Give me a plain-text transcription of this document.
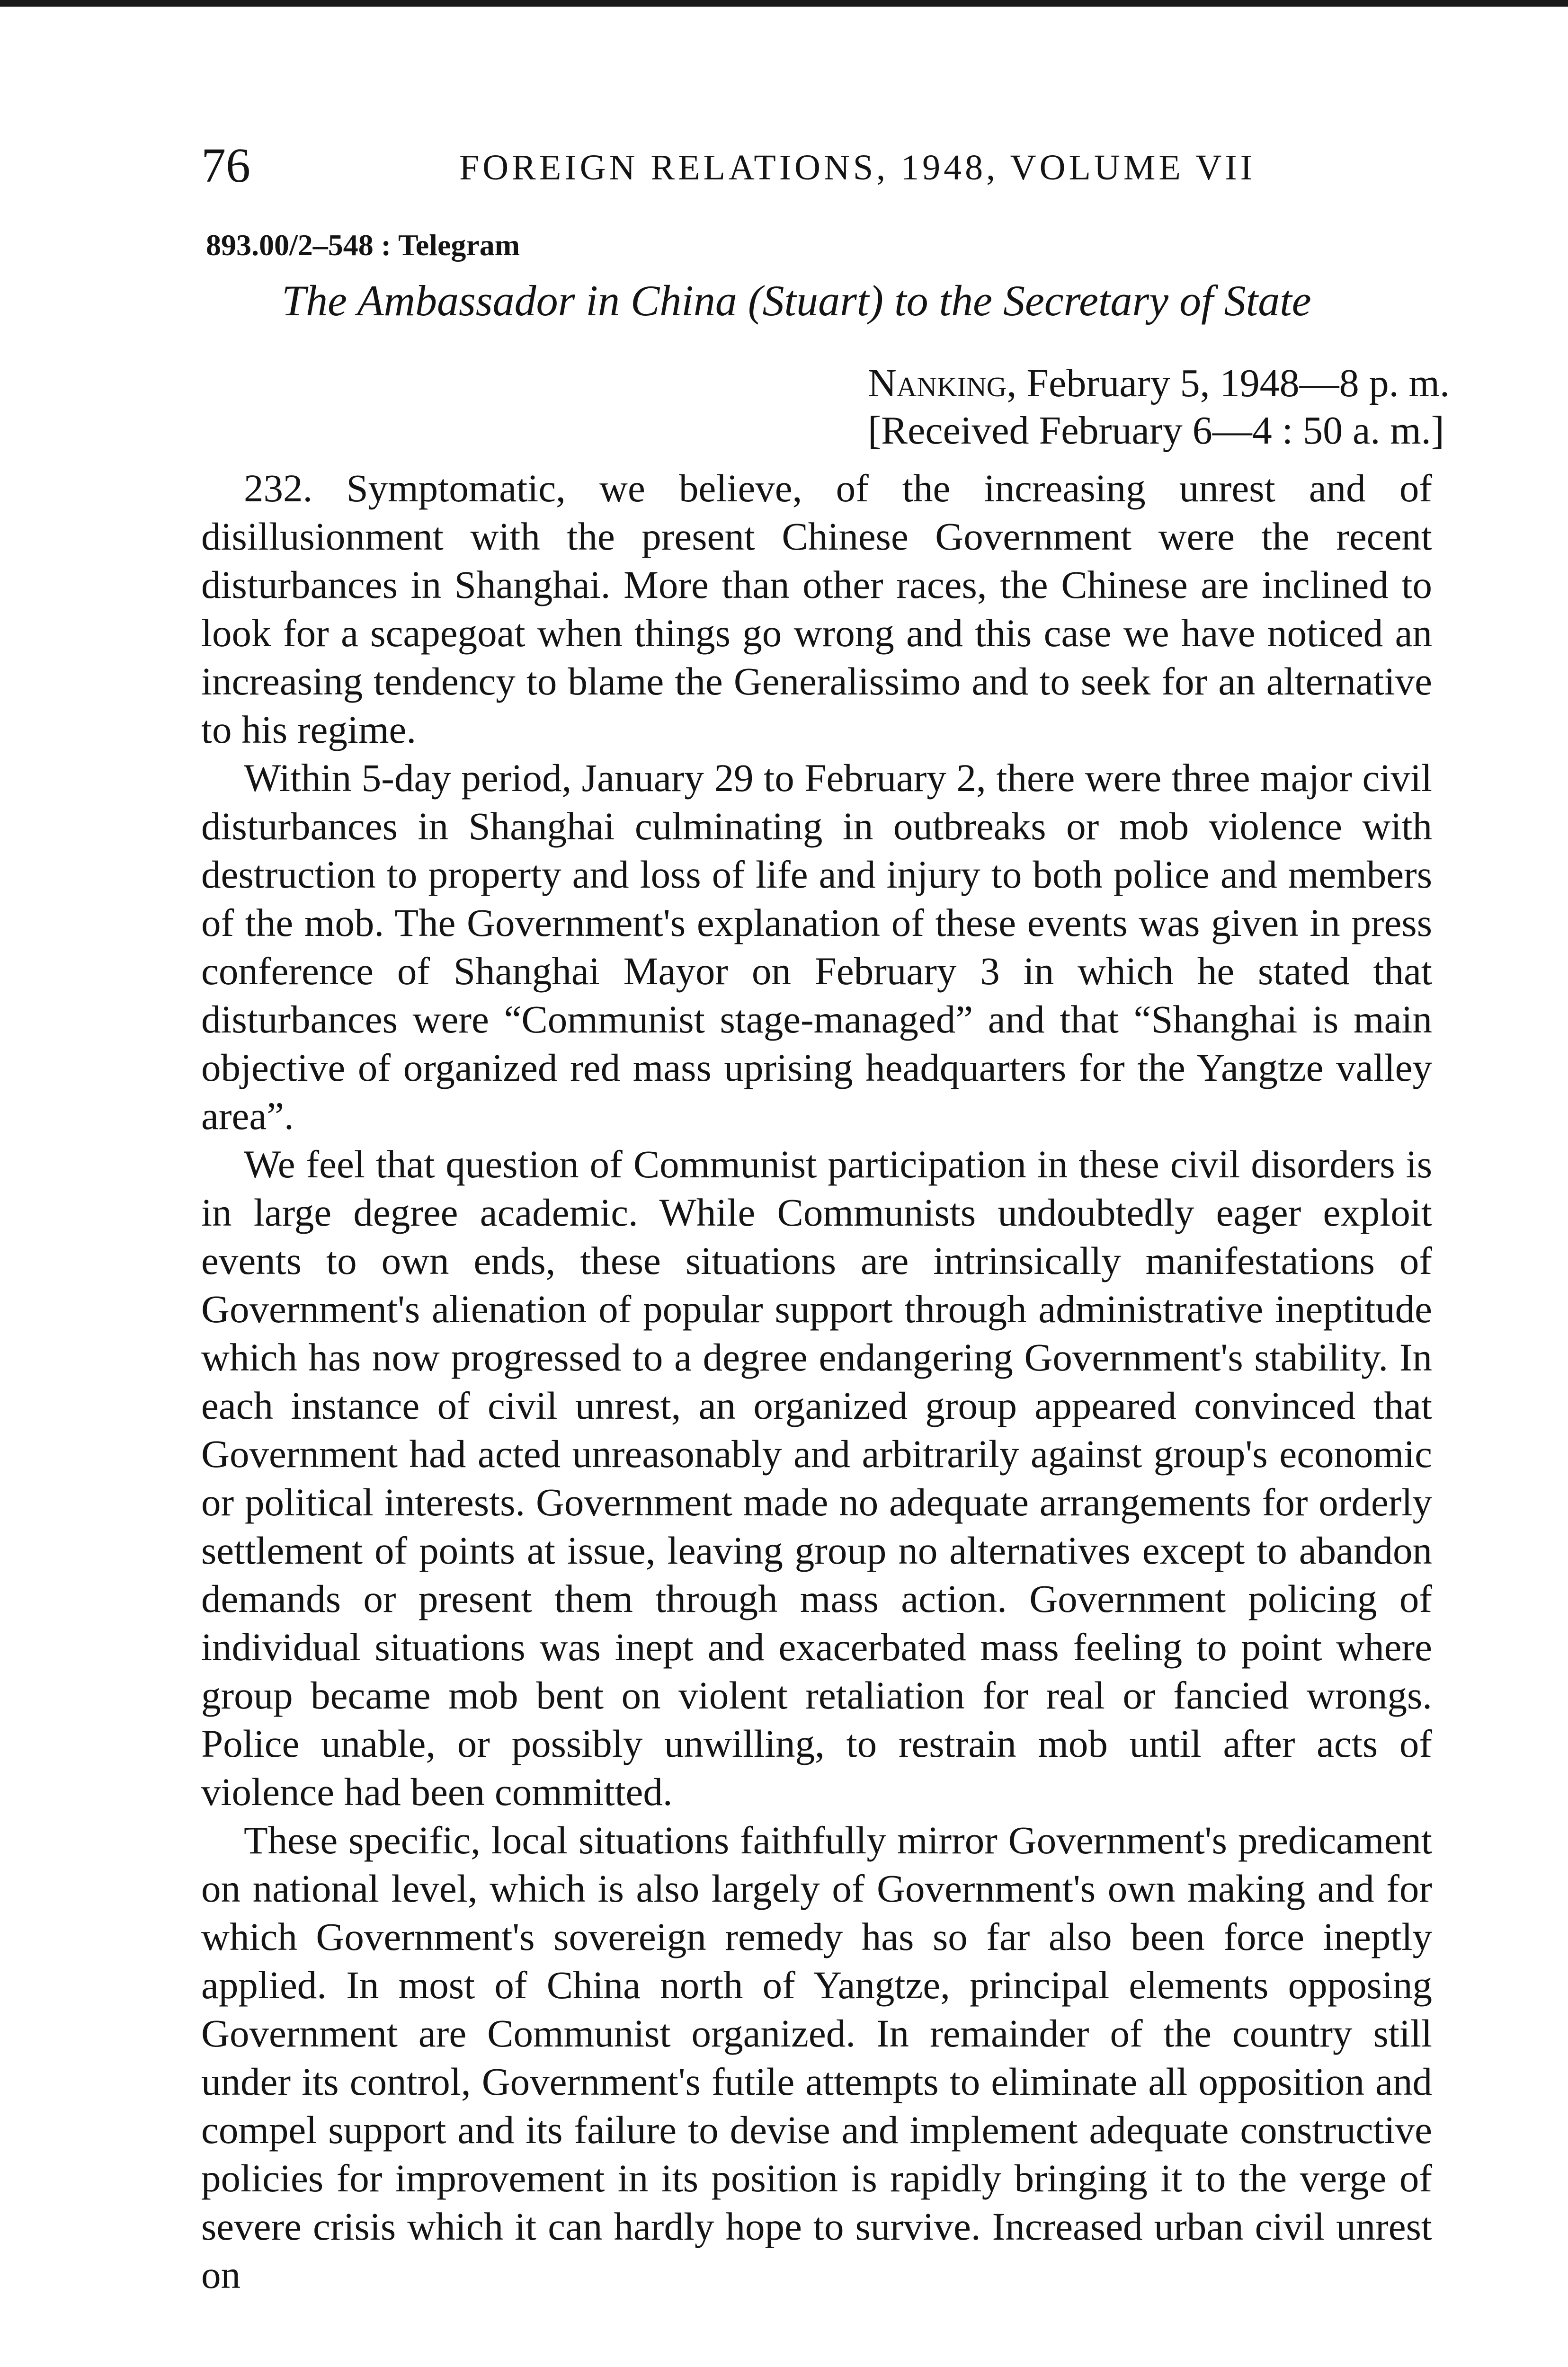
76	FOREIGN RELATIONS, 1948, VOLUME VII
893.00/2–548 : Telegram
The Ambassador in China (Stuart) to the Secretary of State
Nanking, February 5, 1948—8 p. m.
[Received February 6—4 : 50 a. m.]

232. Symptomatic, we believe, of the increasing unrest and of disillusionment with the present Chinese Government were the recent disturbances in Shanghai. More than other races, the Chinese are inclined to look for a scapegoat when things go wrong and this case we have noticed an increasing tendency to blame the Generalissimo and to seek for an alternative to his regime.

Within 5-day period, January 29 to February 2, there were three major civil disturbances in Shanghai culminating in outbreaks or mob violence with destruction to property and loss of life and injury to both police and members of the mob. The Government's explanation of these events was given in press conference of Shanghai Mayor on February 3 in which he stated that disturbances were “Communist stage-managed” and that “Shanghai is main objective of organized red mass uprising headquarters for the Yangtze valley area”.

We feel that question of Communist participation in these civil disorders is in large degree academic. While Communists undoubtedly eager exploit events to own ends, these situations are intrinsically manifestations of Government's alienation of popular support through administrative ineptitude which has now progressed to a degree endangering Government's stability. In each instance of civil unrest, an organized group appeared convinced that Government had acted unreasonably and arbitrarily against group's economic or political interests. Government made no adequate arrangements for orderly settlement of points at issue, leaving group no alternatives except to abandon demands or present them through mass action. Government policing of individual situations was inept and exacerbated mass feeling to point where group became mob bent on violent retaliation for real or fancied wrongs. Police unable, or possibly unwilling, to restrain mob until after acts of violence had been committed.

These specific, local situations faithfully mirror Government's predicament on national level, which is also largely of Government's own making and for which Government's sovereign remedy has so far also been force ineptly applied. In most of China north of Yangtze, principal elements opposing Government are Communist organized. In remainder of the country still under its control, Government's futile attempts to eliminate all opposition and compel support and its failure to devise and implement adequate constructive policies for improvement in its position is rapidly bringing it to the verge of severe crisis which it can hardly hope to survive. Increased urban civil unrest on
